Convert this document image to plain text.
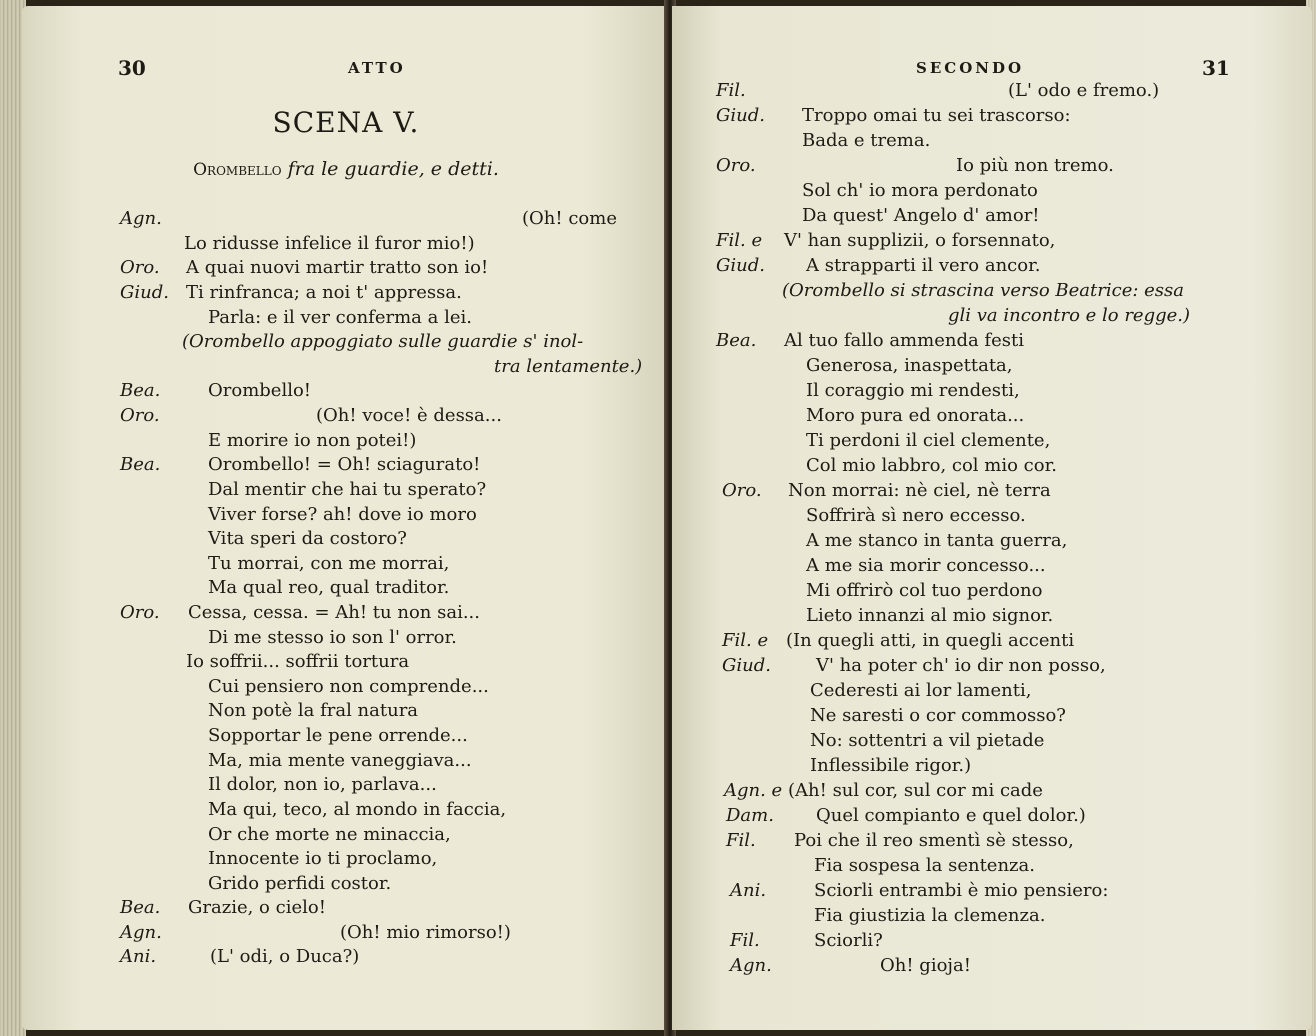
30	ATTO
SCENA V.
Orombello fra le guardie, e detti.
Agn.	(Oh! come
Lo ridusse infelice il furor mio!)
Oro. A quai nuovi martir tratto son io!
Giud. Ti rinfranca; a noi t' appressa.
Parla: e il ver conferma a lei.
(Orombello appoggiato sulle guardie s' inol-
tra lentamente.)
Bea.	Orombello!
Oro.	(Oh! voce! è dessa...
E morire io non potei!)
Bea.	Orombello! = Oh! sciagurato!
Dal mentir che hai tu sperato?
Viver forse? ah! dove io moro
Vita speri da costoro?
Tu morrai, con me morrai,
Ma qual reo, qual traditor.
Oro. Cessa, cessa. = Ah! tu non sai...
Di me stesso io son l' orror.
Io soffrii... soffrii tortura
Cui pensiero non comprende...
Non potè la fral natura
Sopportar le pene orrende...
Ma, mia mente vaneggiava...
Il dolor, non io, parlava...
Ma qui, teco, al mondo in faccia,
Or che morte ne minaccia,
Innocente io ti proclamo,
Grido perfidi costor.
Bea. Grazie, o cielo!
Agn.	(Oh! mio rimorso!)
Ani.	(L' odi, o Duca?)
SECONDO	31
Fil.	(L' odo e fremo.)
Giud. Troppo omai tu sei trascorso:
Bada e trema.
Oro.	Io più non tremo.
Sol ch' io mora perdonato
Da quest' Angelo d' amor!
Fil. e V' han supplizii, o forsennato,
Giud. A strapparti il vero ancor.
(Orombello si strascina verso Beatrice: essa
gli va incontro e lo regge.)
Bea. Al tuo fallo ammenda festi
Generosa, inaspettata,
Il coraggio mi rendesti,
Moro pura ed onorata...
Ti perdoni il ciel clemente,
Col mio labbro, col mio cor.
Oro. Non morrai: nè ciel, nè terra
Soffrirà sì nero eccesso.
A me stanco in tanta guerra,
A me sia morir concesso...
Mi offrirò col tuo perdono
Lieto innanzi al mio signor.
Fil. e (In quegli atti, in quegli accenti
Giud.	V' ha poter ch' io dir non posso,
Cederesti ai lor lamenti,
Ne saresti o cor commosso?
No: sottentri a vil pietade
Inflessibile rigor.)
Agn. e (Ah! sul cor, sul cor mi cade
Dam. Quel compianto e quel dolor.)
Fil. Poi che il reo smentì sè stesso,
Fia sospesa la sentenza.
Ani.	Sciorli entrambi è mio pensiero:
Fia giustizia la clemenza.
Fil.	Sciorli?
Agn.	Oh! gioja!
